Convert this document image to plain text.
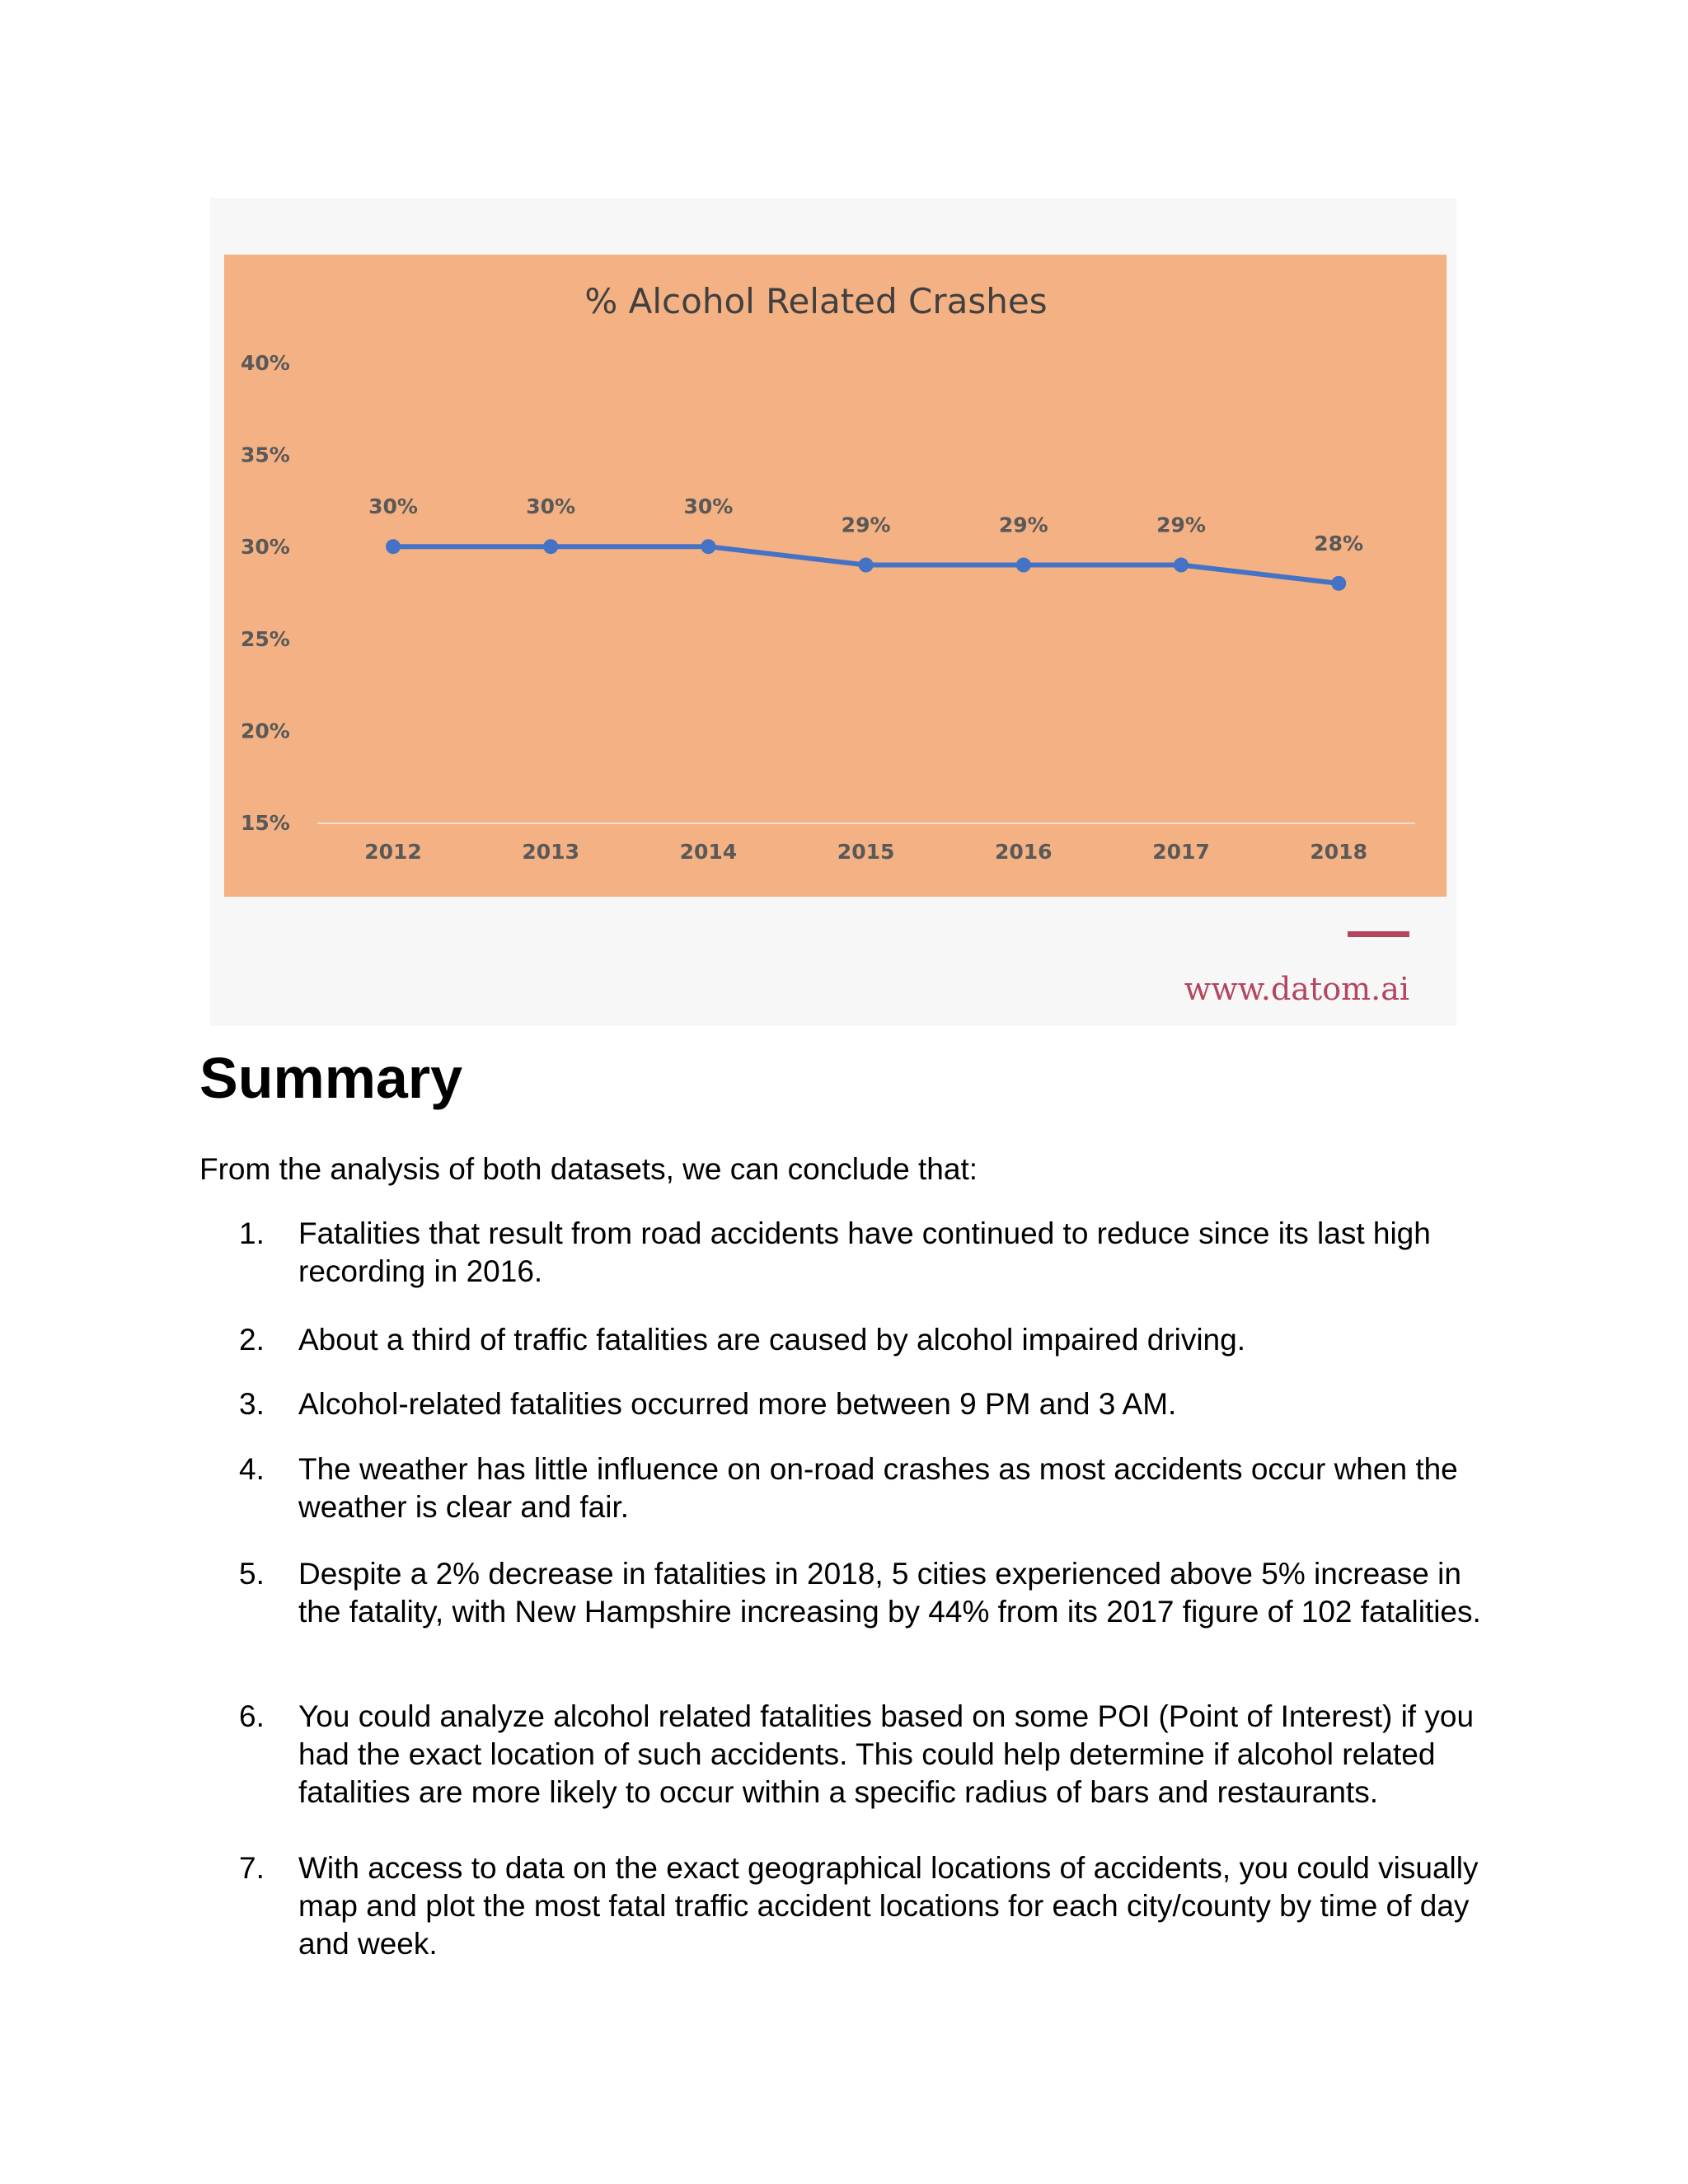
% Alcohol Related Crashes
15%
20%
25%
30%
35%
40%
2012	2013	2014	2015	2016	2017	2018
30%	30%	30%
29%	29%	29%
28%
www.datom.ai
Summary

From the analysis of both datasets, we can conclude that:

1. Fatalities that result from road accidents have continued to reduce since its last high recording in 2016.
2. About a third of traffic fatalities are caused by alcohol impaired driving.
3. Alcohol-related fatalities occurred more between 9 PM and 3 AM.
4. The weather has little influence on on-road crashes as most accidents occur when the weather is clear and fair.
5. Despite a 2% decrease in fatalities in 2018, 5 cities experienced above 5% increase in the fatality, with New Hampshire increasing by 44% from its 2017 figure of 102 fatalities.
6. You could analyze alcohol related fatalities based on some POI (Point of Interest) if you had the exact location of such accidents. This could help determine if alcohol related fatalities are more likely to occur within a specific radius of bars and restaurants.
7. With access to data on the exact geographical locations of accidents, you could visually map and plot the most fatal traffic accident locations for each city/county by time of day and week.
